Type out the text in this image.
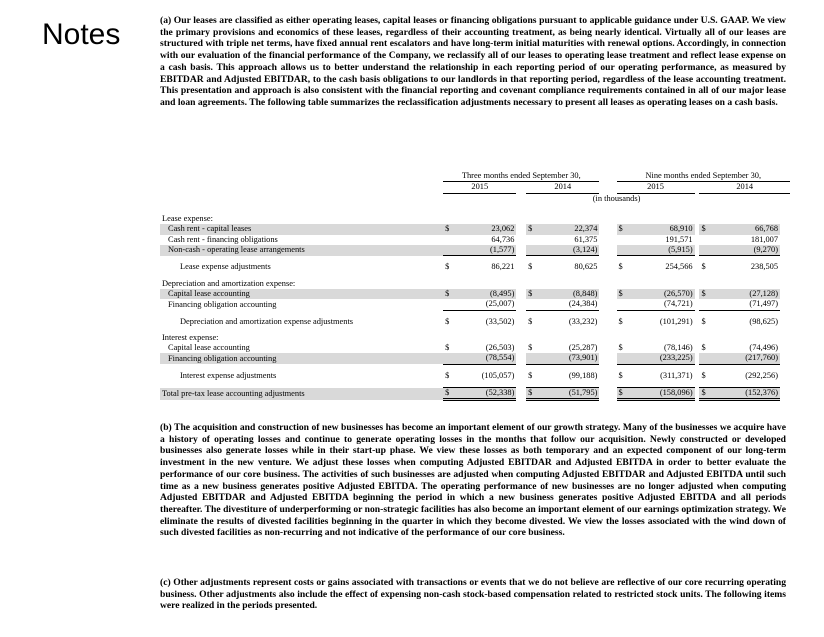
Notes	(a) Our leases are classified as either operating leases, capital leases or financing obligations pursuant to applicable guidance under U.S. GAAP. We view the primary provisions and economics of these leases, regardless of their accounting treatment, as being nearly identical. Virtually all of our leases are structured with triple net terms, have fixed annual rent escalators and have long-term initial maturities with renewal options. Accordingly, in connection with our evaluation of the financial performance of the Company, we reclassify all of our leases to operating lease treatment and reflect lease expense on a cash basis. This approach allows us to better understand the relationship in each reporting period of our operating performance, as measured by EBITDAR and Adjusted EBITDAR, to the cash basis obligations to our landlords in that reporting period, regardless of the lease accounting treatment. This presentation and approach is also consistent with the financial reporting and covenant compliance requirements contained in all of our major lease and loan agreements. The following table summarizes the reclassification adjustments necessary to present all leases as operating leases on a cash basis.

	Three months ended September 30,						Nine months ended September 30,					
	2015			2014			2015			2014		
	(in thousands)											

Lease expense:												
Cash rent - capital leases	$	23,062		$	22,374		$	68,910		$	66,768	
Cash rent - financing obligations		64,736			61,375			191,571			181,007	
Non-cash - operating lease arrangements		(1,577)			(3,124)			(5,915)			(9,270)	

Lease expense adjustments	$	86,221		$	80,625		$	254,566		$	238,505	

Depreciation and amortization expense:												
Capital lease accounting	$	(8,495)		$	(8,848)		$	(26,570)		$	(27,128)	
Financing obligation accounting		(25,007)			(24,384)			(74,721)			(71,497)	

Depreciation and amortization expense adjustments	$	(33,502)		$	(33,232)		$	(101,291)		$	(98,625)	

Interest expense:												
Capital lease accounting	$	(26,503)		$	(25,287)		$	(78,146)		$	(74,496)	
Financing obligation accounting		(78,554)			(73,901)			(233,225)			(217,760)	

Interest expense adjustments	$	(105,057)		$	(99,188)		$	(311,371)		$	(292,256)	

Total pre-tax lease accounting adjustments	$	(52,338)		$	(51,795)		$	(158,096)		$	(152,376)	

(b) The acquisition and construction of new businesses has become an important element of our growth strategy. Many of the businesses we acquire have a history of operating losses and continue to generate operating losses in the months that follow our acquisition. Newly constructed or developed businesses also generate losses while in their start-up phase. We view these losses as both temporary and an expected component of our long-term investment in the new venture. We adjust these losses when computing Adjusted EBITDAR and Adjusted EBITDA in order to better evaluate the performance of our core business. The activities of such businesses are adjusted when computing Adjusted EBITDAR and Adjusted EBITDA until such time as a new business generates positive Adjusted EBITDA. The operating performance of new businesses are no longer adjusted when computing Adjusted EBITDAR and Adjusted EBITDA beginning the period in which a new business generates positive Adjusted EBITDA and all periods thereafter. The divestiture of underperforming or non-strategic facilities has also become an important element of our earnings optimization strategy. We eliminate the results of divested facilities beginning in the quarter in which they become divested. We view the losses associated with the wind down of such divested facilities as non-recurring and not indicative of the performance of our core business.

(c) Other adjustments represent costs or gains associated with transactions or events that we do not believe are reflective of our core recurring operating business. Other adjustments also include the effect of expensing non-cash stock-based compensation related to restricted stock units. The following items were realized in the periods presented.
